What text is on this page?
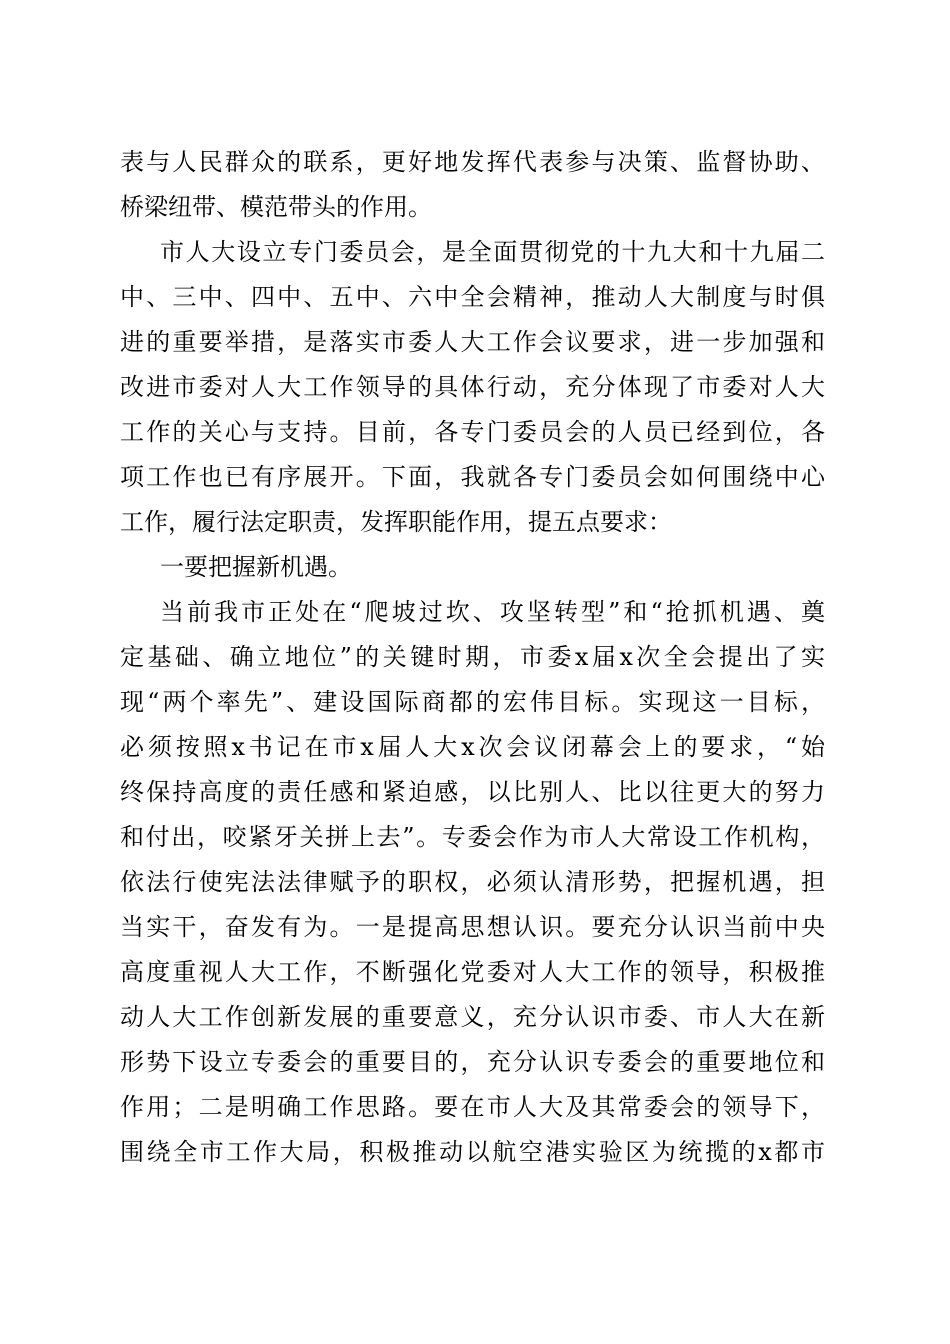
表与人民群众的联系，更好地发挥代表参与决策、监督协助、
桥梁纽带、模范带头的作用。
市人大设立专门委员会，是全面贯彻党的十九大和十九届二
中、三中、四中、五中、六中全会精神，推动人大制度与时俱
进的重要举措，是落实市委人大工作会议要求，进一步加强和
改进市委对人大工作领导的具体行动，充分体现了市委对人大
工作的关心与支持。目前，各专门委员会的人员已经到位，各
项工作也已有序展开。下面，我就各专门委员会如何围绕中心
工作，履行法定职责，发挥职能作用，提五点要求：
一要把握新机遇。
当前我市正处在“爬坡过坎、攻坚转型”和“抢抓机遇、奠
定基础、确立地位”的关键时期，市委x届x次全会提出了实
现“两个率先”、建设国际商都的宏伟目标。实现这一目标，
必须按照x书记在市x届人大x次会议闭幕会上的要求，“始
终保持高度的责任感和紧迫感，以比别人、比以往更大的努力
和付出，咬紧牙关拼上去”。专委会作为市人大常设工作机构，
依法行使宪法法律赋予的职权，必须认清形势，把握机遇，担
当实干，奋发有为。一是提高思想认识。要充分认识当前中央
高度重视人大工作，不断强化党委对人大工作的领导，积极推
动人大工作创新发展的重要意义，充分认识市委、市人大在新
形势下设立专委会的重要目的，充分认识专委会的重要地位和
作用；二是明确工作思路。要在市人大及其常委会的领导下，
围绕全市工作大局，积极推动以航空港实验区为统揽的x都市
